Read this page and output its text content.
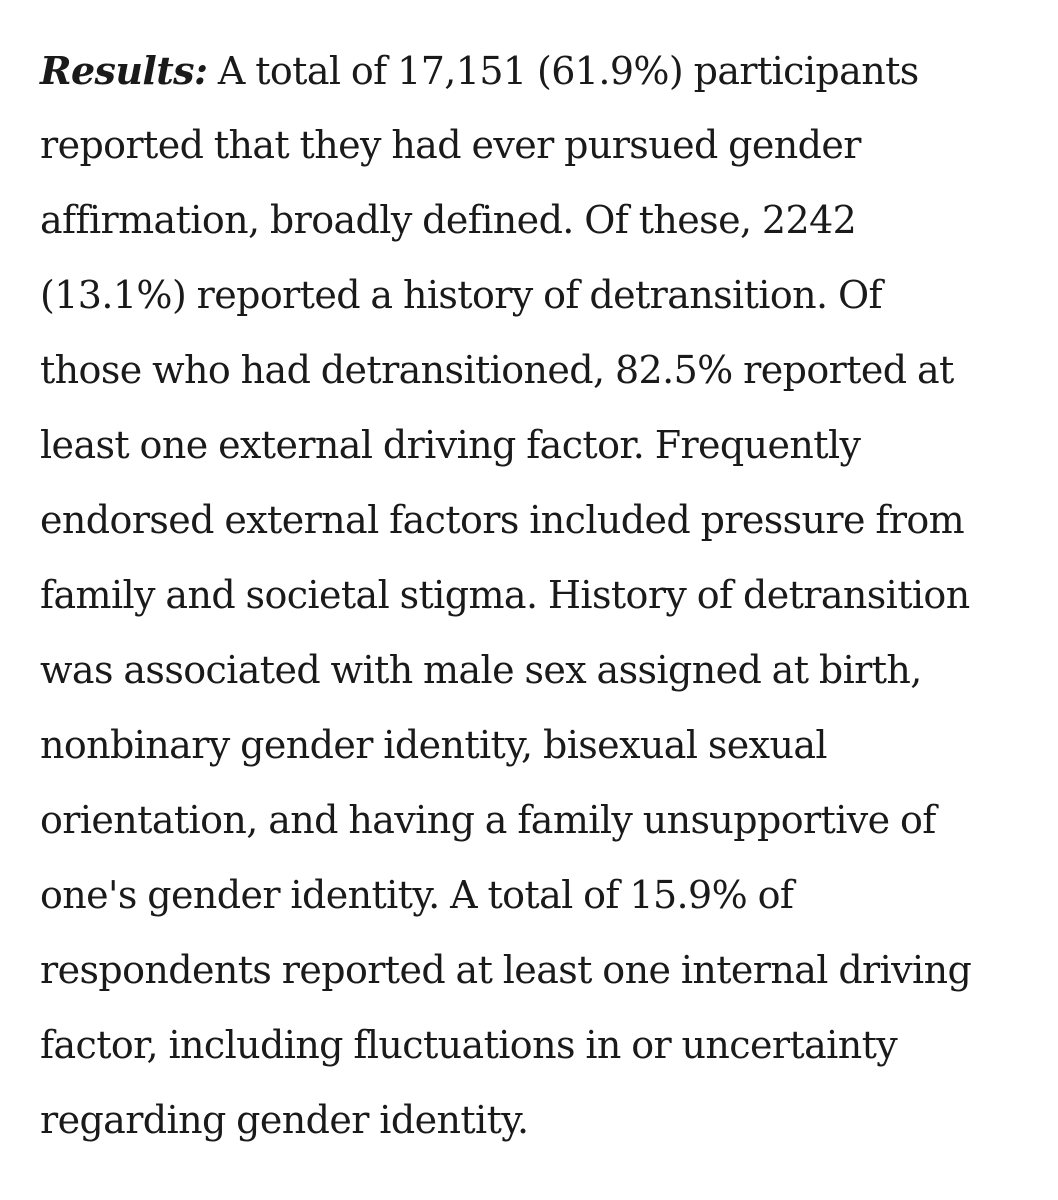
Results: A total of 17,151 (61.9%) participants
reported that they had ever pursued gender
affirmation, broadly defined. Of these, 2242
(13.1%) reported a history of detransition. Of
those who had detransitioned, 82.5% reported at
least one external driving factor. Frequently
endorsed external factors included pressure from
family and societal stigma. History of detransition
was associated with male sex assigned at birth,
nonbinary gender identity, bisexual sexual
orientation, and having a family unsupportive of
one's gender identity. A total of 15.9% of
respondents reported at least one internal driving
factor, including fluctuations in or uncertainty
regarding gender identity.
